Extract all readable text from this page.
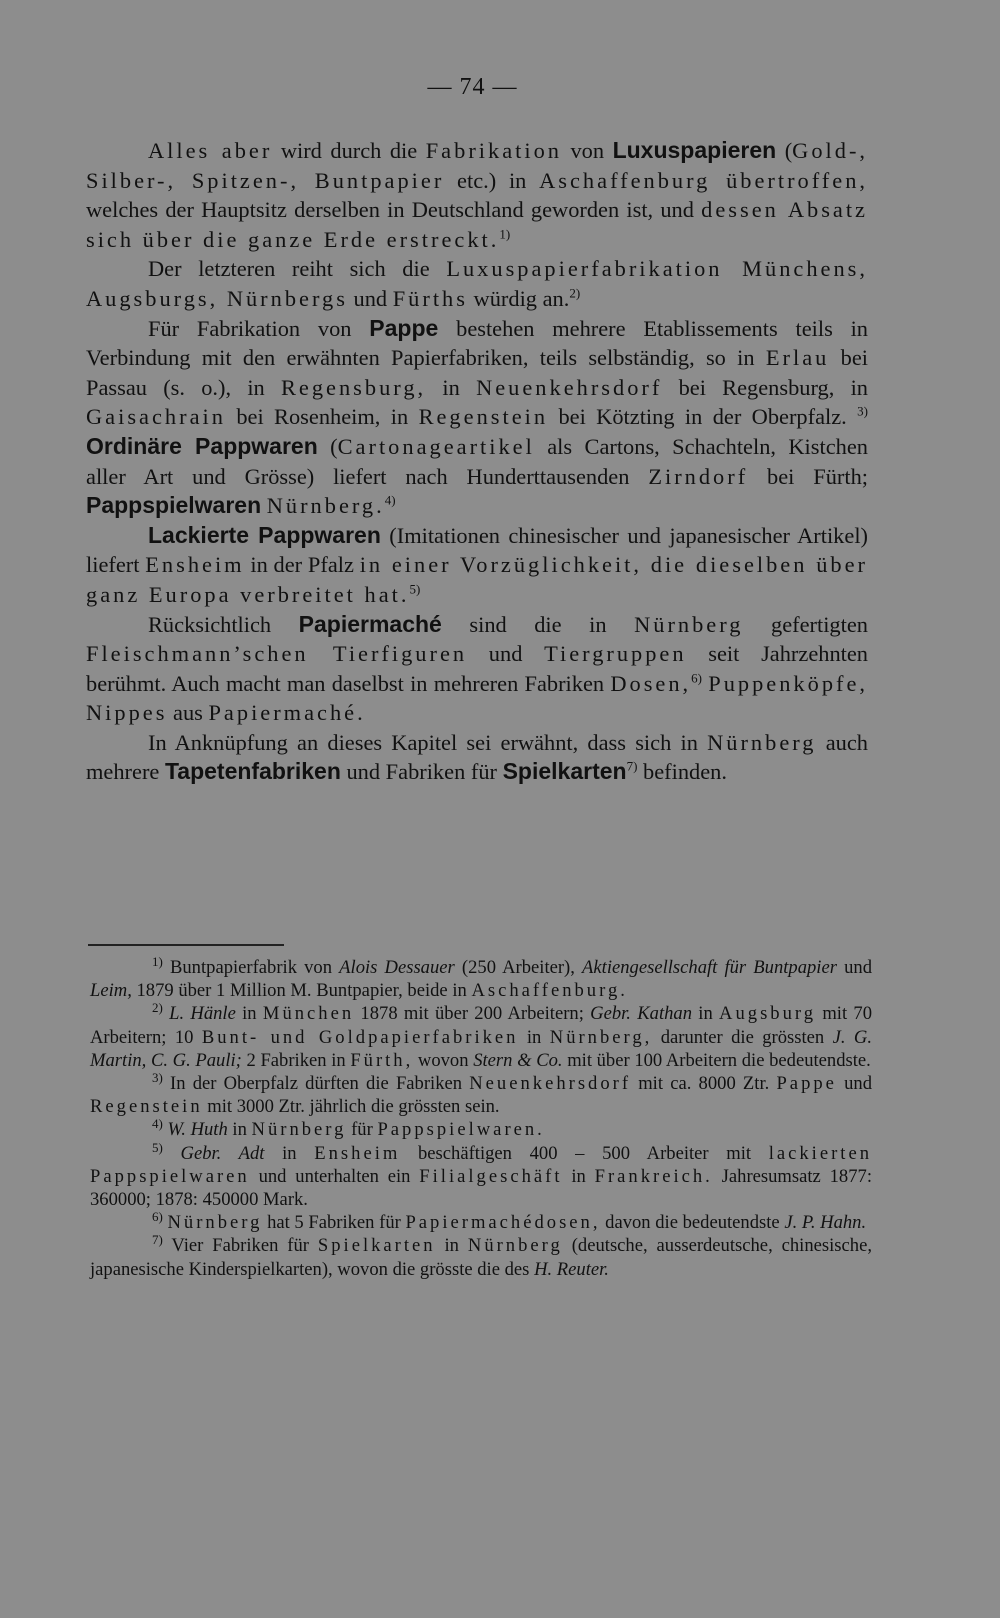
— 74 —

Alles aber wird durch die Fabrikation von Luxuspapieren (Gold-, Silber-, Spitzen-, Buntpapier etc.) in Aschaffenburg übertroffen, welches der Hauptsitz derselben in Deutschland geworden ist, und dessen Absatz sich über die ganze Erde erstreckt.$^{1)}$

Der letzteren reiht sich die Luxuspapierfabrikation Münchens, Augsburgs, Nürnbergs und Fürths würdig an.$^{2)}$

Für Fabrikation von Pappe bestehen mehrere Etablissements teils in Verbindung mit den erwähnten Papierfabriken, teils selbständig, so in Erlau bei Passau (s. o.), in Regensburg, in Neuenkehrsdorf bei Regensburg, in Gaisachrain bei Rosenheim, in Regenstein bei Kötzting in der Oberpfalz. $^{3)}$ Ordinäre Pappwaren (Cartonageartikel als Cartons, Schachteln, Kistchen aller Art und Grösse) liefert nach Hunderttausenden Zirndorf bei Fürth; Pappspielwaren Nürnberg.$^{4)}$

Lackierte Pappwaren (Imitationen chinesischer und japanesischer Artikel) liefert Ensheim in der Pfalz in einer Vorzüglichkeit, die dieselben über ganz Europa verbreitet hat.$^{5)}$

Rücksichtlich Papiermaché sind die in Nürnberg gefertigten Fleischmann’schen Tierfiguren und Tiergruppen seit Jahrzehnten berühmt. Auch macht man daselbst in mehreren Fabriken Dosen,$^{6)}$ Puppenköpfe, Nippes aus Papiermaché.

In Anknüpfung an dieses Kapitel sei erwähnt, dass sich in Nürnberg auch mehrere Tapetenfabriken und Fabriken für Spielkarten$^{7)}$ befinden.

$^{1)}$ Buntpapierfabrik von Alois Dessauer (250 Arbeiter), Aktiengesellschaft für Buntpapier und Leim, 1879 über 1 Million M. Buntpapier, beide in Aschaffenburg.

$^{2)}$ L. Hänle in München 1878 mit über 200 Arbeitern; Gebr. Kathan in Augsburg mit 70 Arbeitern; 10 Bunt- und Goldpapierfabriken in Nürnberg, darunter die grössten J. G. Martin, C. G. Pauli; 2 Fabriken in Fürth, wovon Stern & Co. mit über 100 Arbeitern die bedeutendste.

$^{3)}$ In der Oberpfalz dürften die Fabriken Neuenkehrsdorf mit ca. 8000 Ztr. Pappe und Regenstein mit 3000 Ztr. jährlich die grössten sein.

$^{4)}$ W. Huth in Nürnberg für Pappspielwaren.

$^{5)}$ Gebr. Adt in Ensheim beschäftigen 400 – 500 Arbeiter mit lackierten Pappspielwaren und unterhalten ein Filialgeschäft in Frankreich. Jahresumsatz 1877: 360000; 1878: 450000 Mark.

$^{6)}$ Nürnberg hat 5 Fabriken für Papiermachédosen, davon die bedeutendste J. P. Hahn.

$^{7)}$ Vier Fabriken für Spielkarten in Nürnberg (deutsche, ausserdeutsche, chinesische, japanesische Kinderspielkarten), wovon die grösste die des H. Reuter.
